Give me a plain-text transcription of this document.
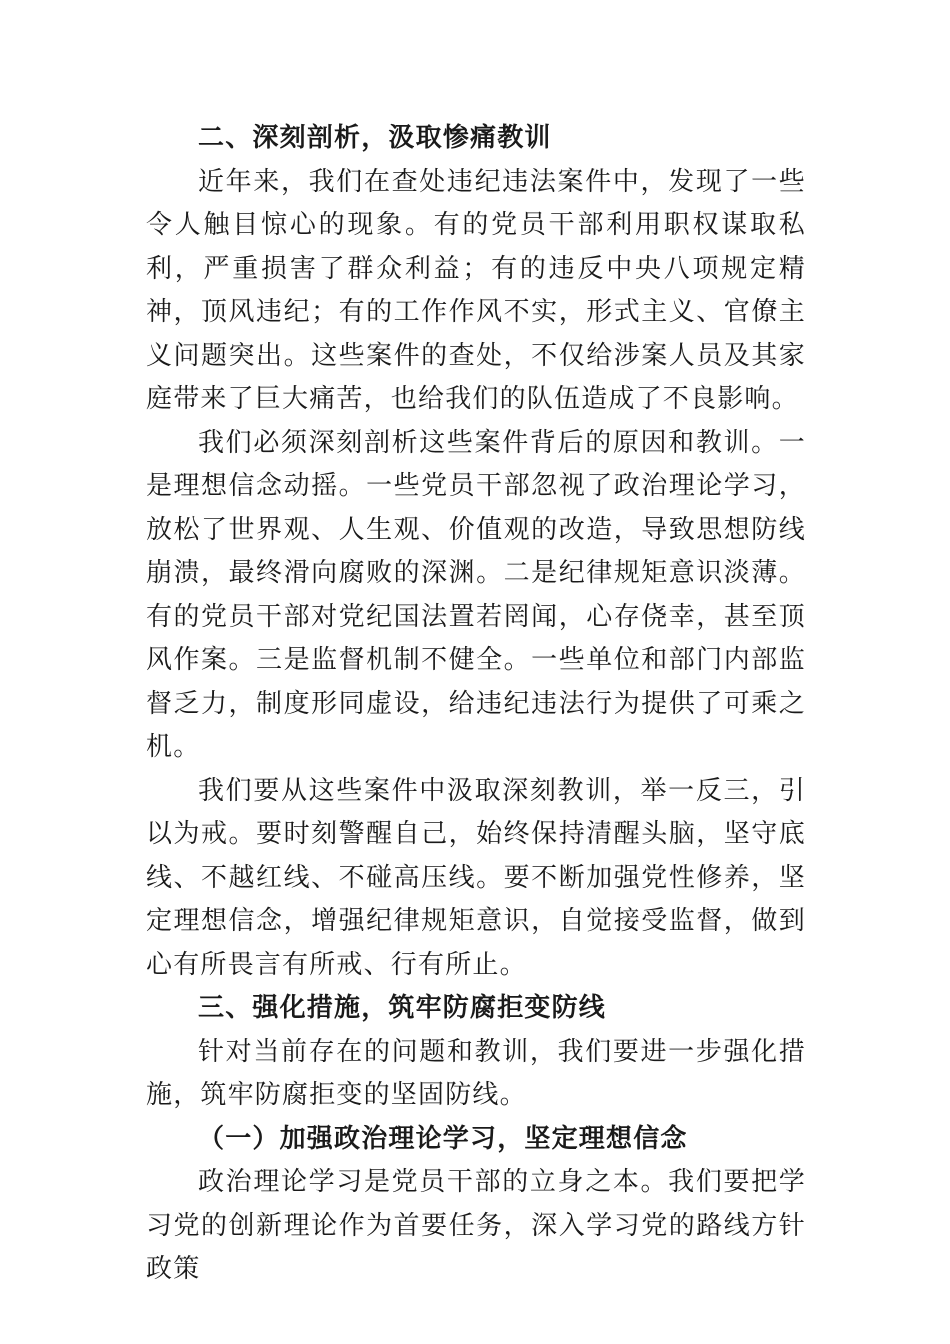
二、深刻剖析，汲取惨痛教训

近年来，我们在查处违纪违法案件中，发现了一些令人触目惊心的现象。有的党员干部利用职权谋取私利，严重损害了群众利益；有的违反中央八项规定精神，顶风违纪；有的工作作风不实，形式主义、官僚主义问题突出。这些案件的查处，不仅给涉案人员及其家庭带来了巨大痛苦，也给我们的队伍造成了不良影响。

我们必须深刻剖析这些案件背后的原因和教训。一是理想信念动摇。一些党员干部忽视了政治理论学习，放松了世界观、人生观、价值观的改造，导致思想防线崩溃，最终滑向腐败的深渊。二是纪律规矩意识淡薄。有的党员干部对党纪国法置若罔闻，心存侥幸，甚至顶风作案。三是监督机制不健全。一些单位和部门内部监督乏力，制度形同虚设，给违纪违法行为提供了可乘之机。

我们要从这些案件中汲取深刻教训，举一反三，引以为戒。要时刻警醒自己，始终保持清醒头脑，坚守底线、不越红线、不碰高压线。要不断加强党性修养，坚定理想信念，增强纪律规矩意识，自觉接受监督，做到心有所畏言有所戒、行有所止。

三、强化措施，筑牢防腐拒变防线

针对当前存在的问题和教训，我们要进一步强化措施，筑牢防腐拒变的坚固防线。

（一）加强政治理论学习，坚定理想信念

政治理论学习是党员干部的立身之本。我们要把学习党的创新理论作为首要任务，深入学习党的路线方针政策
